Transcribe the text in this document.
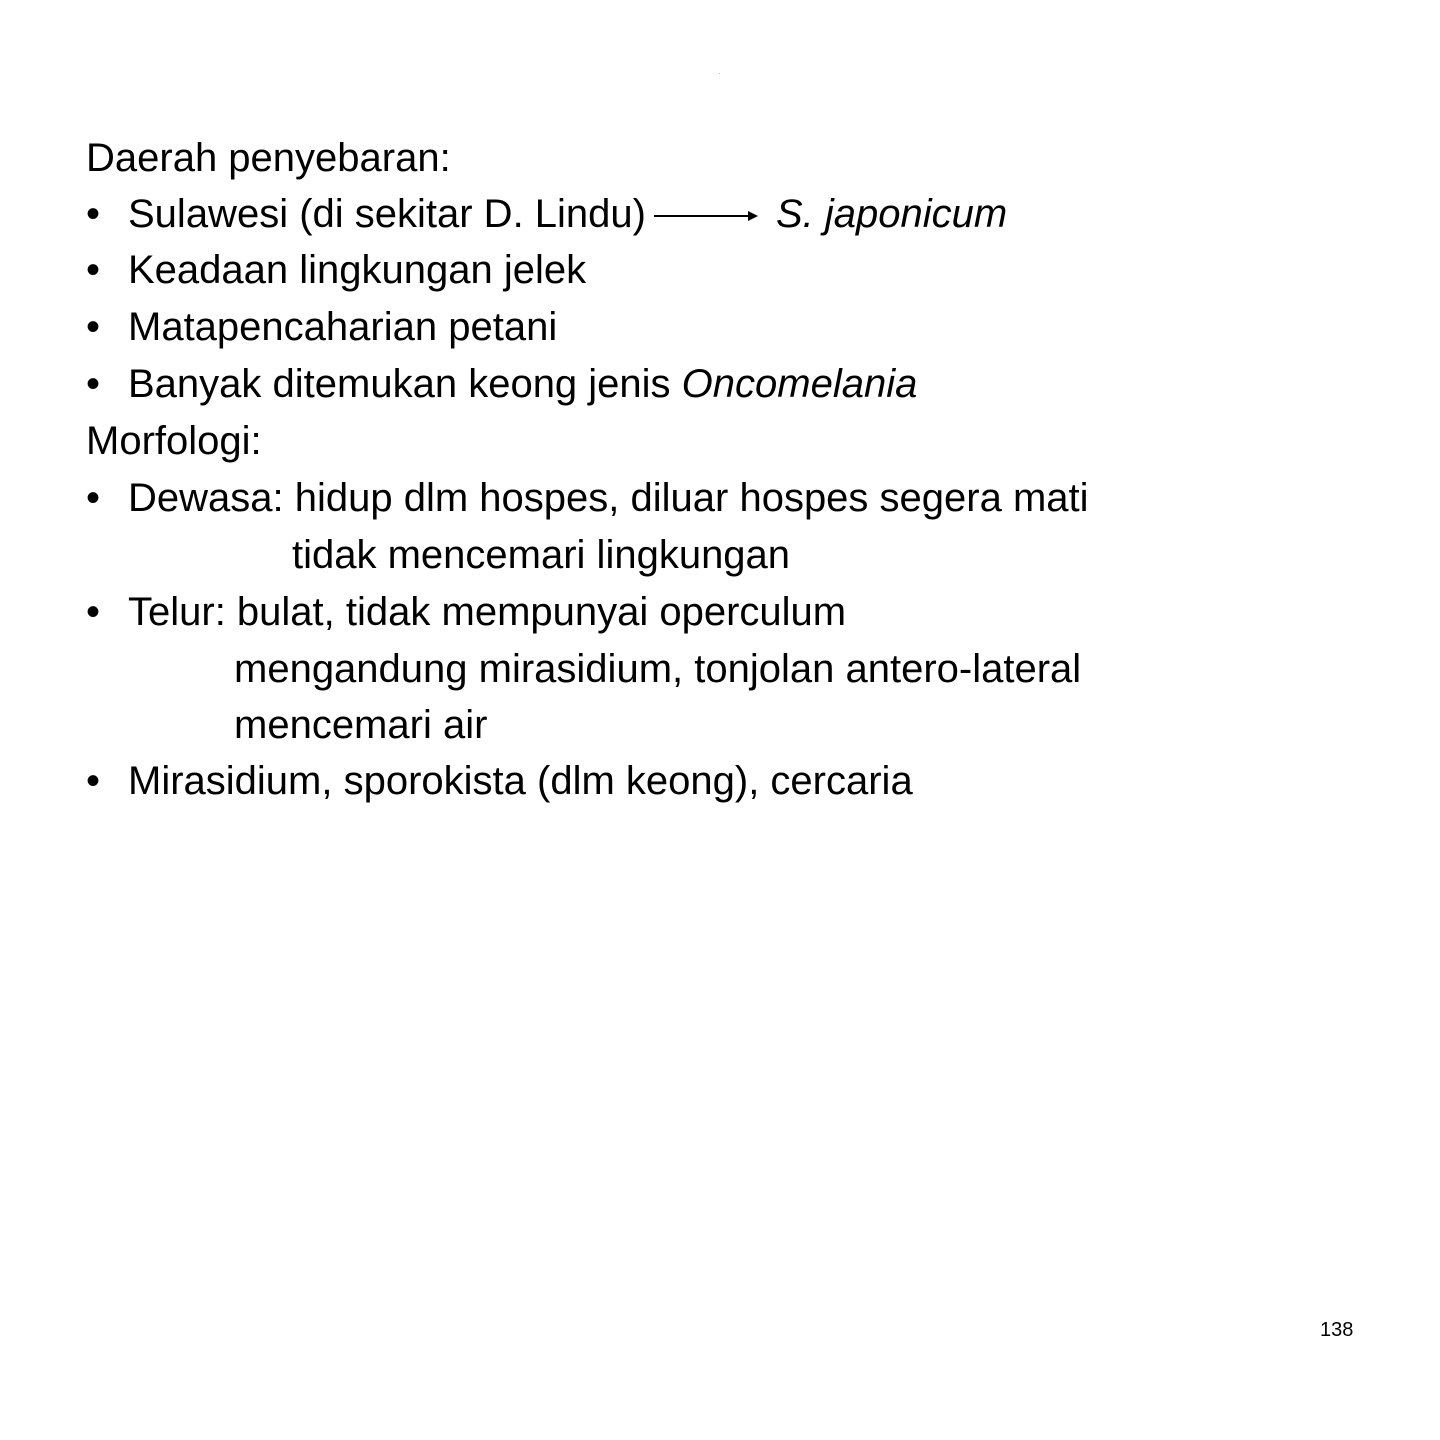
Daerah penyebaran:
• Sulawesi (di sekitar D. Lindu)	S. japonicum
• Keadaan lingkungan jelek
• Matapencaharian petani
• Banyak ditemukan keong jenis Oncomelania
Morfologi:
• Dewasa: hidup dlm hospes, diluar hospes segera mati
tidak mencemari lingkungan
• Telur: bulat, tidak mempunyai operculum
mengandung mirasidium, tonjolan antero-lateral
mencemari air
• Mirasidium, sporokista (dlm keong), cercaria
138
